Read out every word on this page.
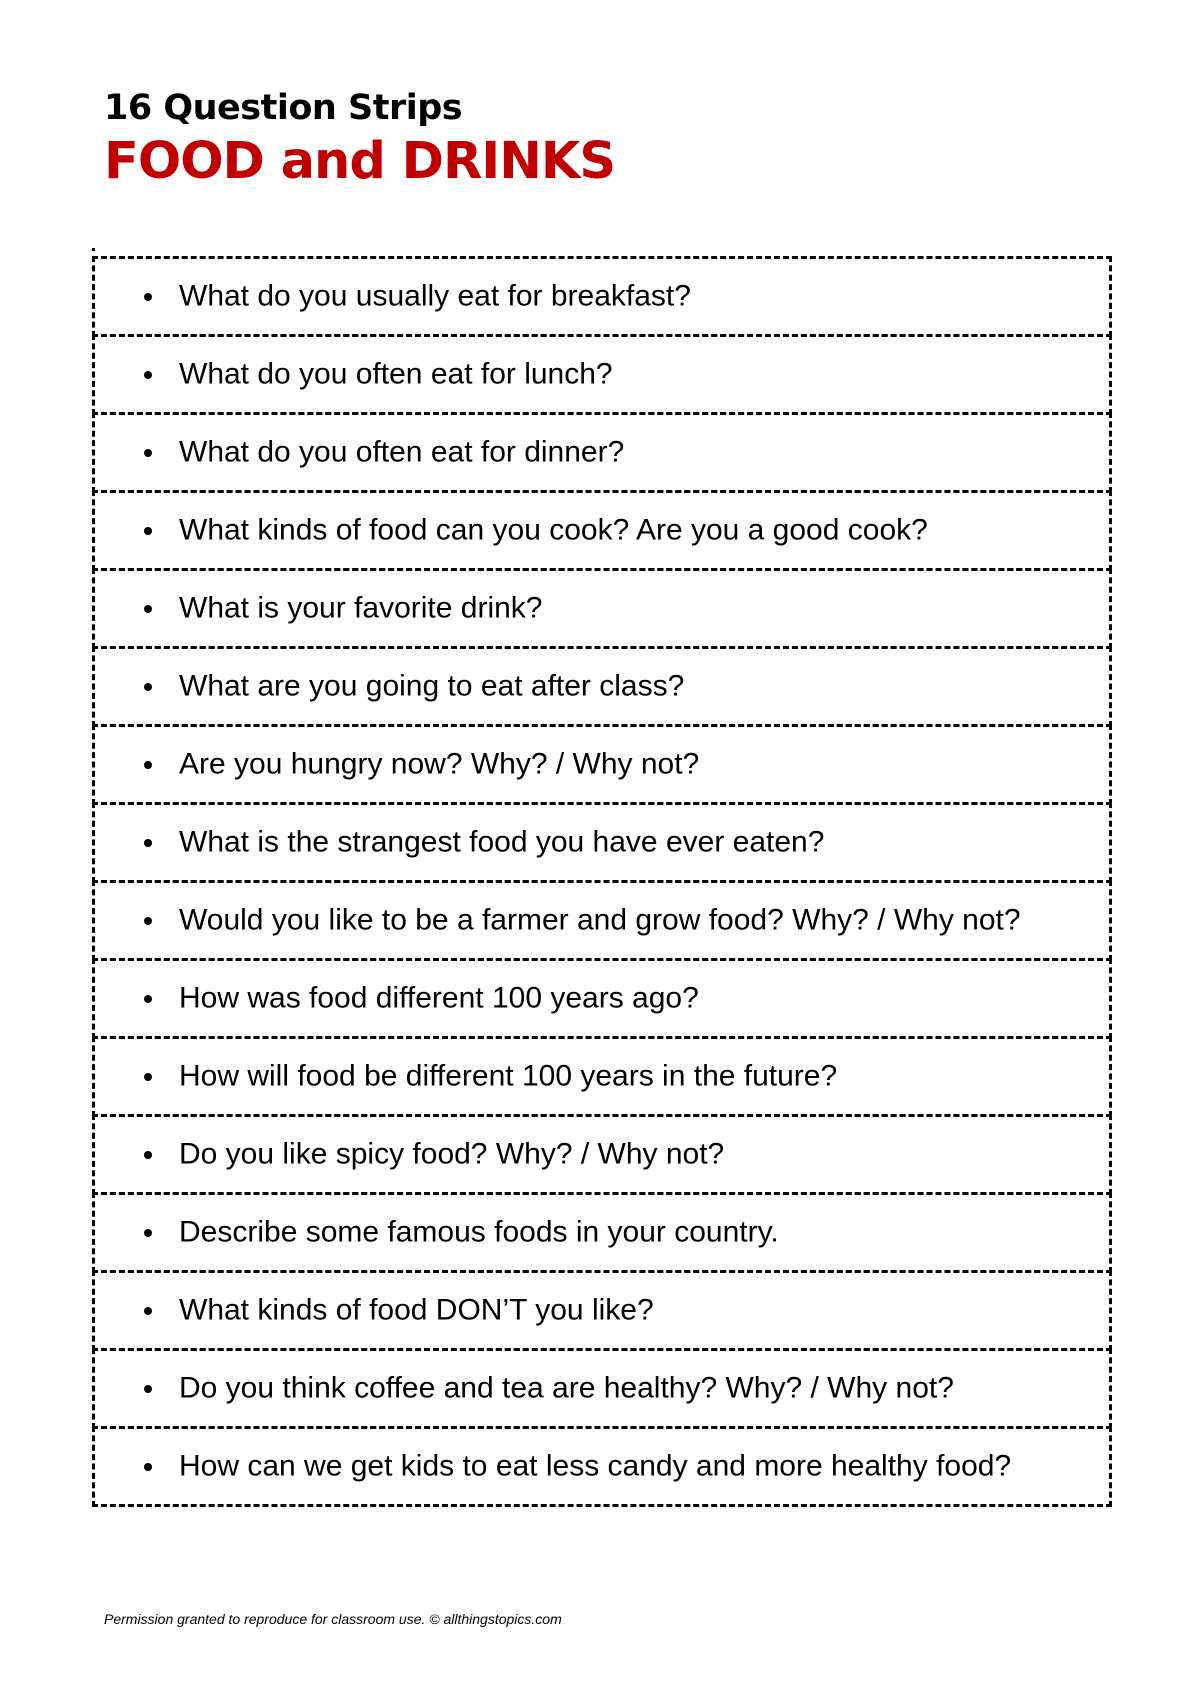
16 Question Strips
FOOD and DRINKS
What do you usually eat for breakfast?
What do you often eat for lunch?
What do you often eat for dinner?
What kinds of food can you cook? Are you a good cook?
What is your favorite drink?
What are you going to eat after class?
Are you hungry now? Why? / Why not?
What is the strangest food you have ever eaten?
Would you like to be a farmer and grow food? Why? / Why not?
How was food different 100 years ago?
How will food be different 100 years in the future?
Do you like spicy food? Why? / Why not?
Describe some famous foods in your country.
What kinds of food DON’T you like?
Do you think coffee and tea are healthy? Why? / Why not?
How can we get kids to eat less candy and more healthy food?
Permission granted to reproduce for classroom use. © allthingstopics.com
